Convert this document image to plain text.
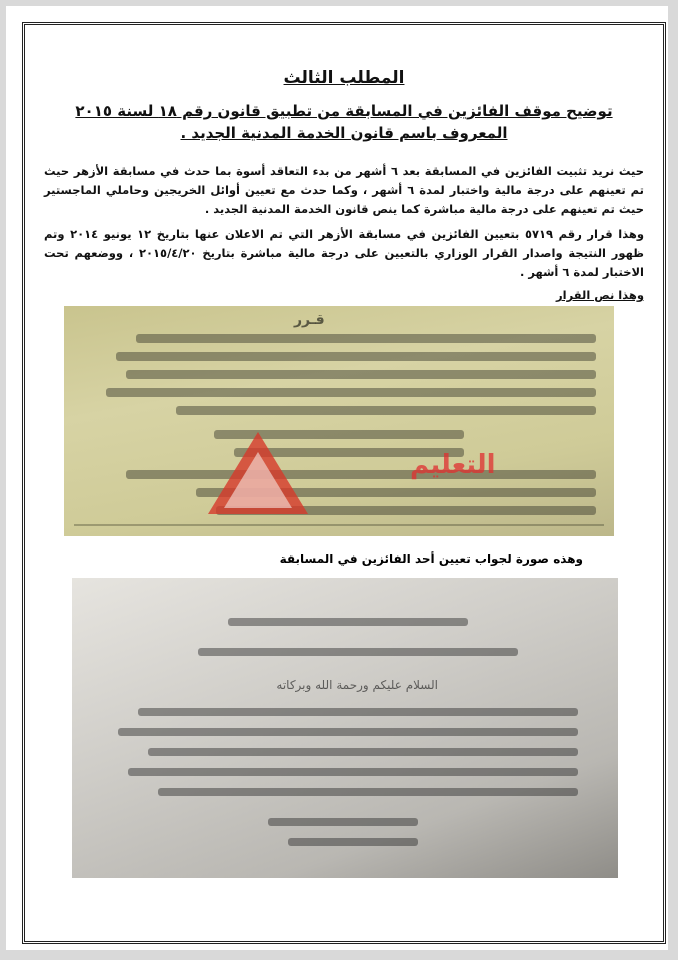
المطلب الثالث
توضيح موقف الفائزين في المسابقة من تطبيق قانون رقم ١٨ لسنة ٢٠١٥ المعروف باسم قانون الخدمة المدنية الجديد .

حيث نريد تثبيت الفائزين في المسابقة بعد ٦ أشهر من بدء التعاقد أسوة بما حدث في مسابقة الأزهر حيث تم تعينهم على درجة مالية واختبار لمدة ٦ أشهر ، وكما حدث مع تعيين أوائل الخريجين وحاملي الماجستير حيث تم تعينهم على درجة مالية مباشرة كما ينص قانون الخدمة المدنية الجديد .

وهذا قرار رقم ٥٧١٩ بتعيين الفائزين في مسابقة الأزهر التي تم الاعلان عنها بتاريخ ١٢ يونيو ٢٠١٤ وتم ظهور النتيجة واصدار القرار الوزاري بالتعيين على درجة مالية مباشرة بتاريخ ٢٠١٥/٤/٢٠ ، ووضعهم تحت الاختبار لمدة ٦ أشهر .

وهذا نص القرار
قـرر
التعليم
وهذه صورة لجواب تعيين أحد الفائزين في المسابقة
السلام عليكم ورحمة الله وبركاته
